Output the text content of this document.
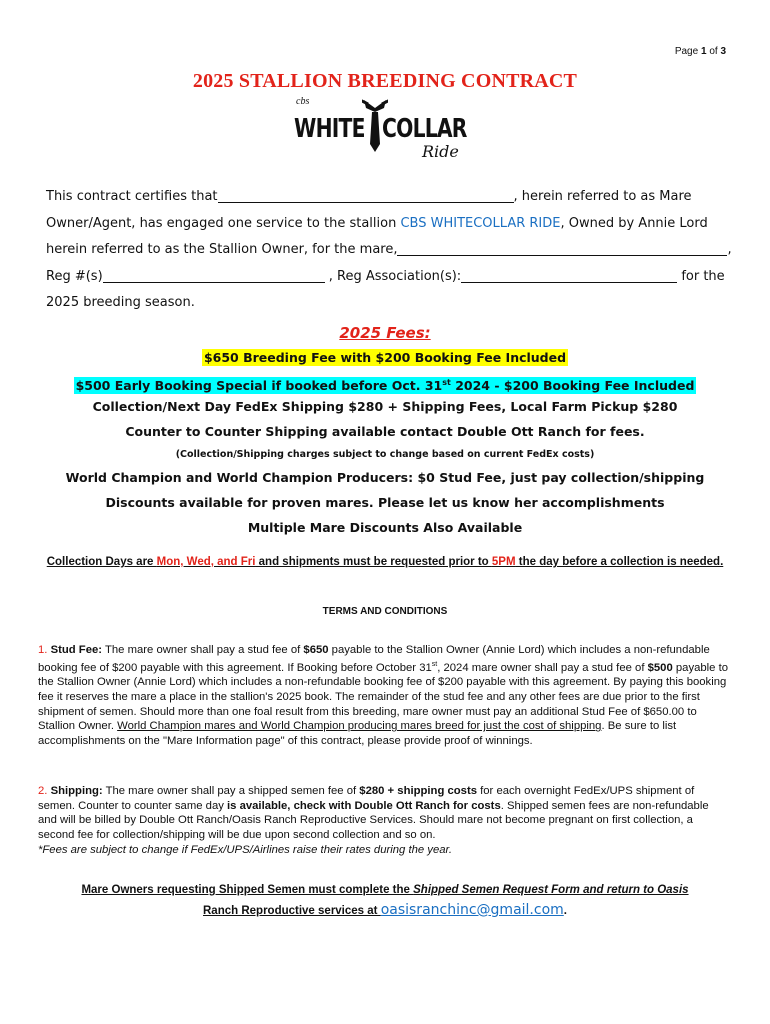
Page 1 of 3
2025 STALLION BREEDING CONTRACT
cbs
WHITE COLLAR
Ride
This contract certifies that	, herein referred to as Mare
Owner/Agent, has engaged one service to the stallion CBS WHITECOLLAR RIDE, Owned by Annie Lord
herein referred to as the Stallion Owner, for the mare,	,
Reg #(s)	, Reg Association(s):	for the
2025 breeding season.
2025 Fees:
$650 Breeding Fee with $200 Booking Fee Included
$500 Early Booking Special if booked before Oct. 31st 2024 - $200 Booking Fee Included
Collection/Next Day FedEx Shipping $280 + Shipping Fees, Local Farm Pickup $280
Counter to Counter Shipping available contact Double Ott Ranch for fees.
(Collection/Shipping charges subject to change based on current FedEx costs)
World Champion and World Champion Producers: $0 Stud Fee, just pay collection/shipping
Discounts available for proven mares. Please let us know her accomplishments
Multiple Mare Discounts Also Available
Collection Days are Mon, Wed, and Fri and shipments must be requested prior to 5PM the day before a collection is needed.
TERMS AND CONDITIONS
1. Stud Fee: The mare owner shall pay a stud fee of $650 payable to the Stallion Owner (Annie Lord) which includes a non-refundable booking fee of $200 payable with this agreement. If Booking before October 31st, 2024 mare owner shall pay a stud fee of $500 payable to the Stallion Owner (Annie Lord) which includes a non-refundable booking fee of $200 payable with this agreement. By paying this booking fee it reserves the mare a place in the stallion's 2025 book. The remainder of the stud fee and any other fees are due prior to the first shipment of semen. Should more than one foal result from this breeding, mare owner must pay an additional Stud Fee of $650.00 to Stallion Owner. World Champion mares and World Champion producing mares breed for just the cost of shipping. Be sure to list accomplishments on the "Mare Information page" of this contract, please provide proof of winnings.
2. Shipping: The mare owner shall pay a shipped semen fee of $280 + shipping costs for each overnight FedEx/UPS shipment of semen. Counter to counter same day is available, check with Double Ott Ranch for costs. Shipped semen fees are non-refundable and will be billed by Double Ott Ranch/Oasis Ranch Reproductive Services. Should mare not become pregnant on first collection, a second fee for collection/shipping will be due upon second collection and so on.
*Fees are subject to change if FedEx/UPS/Airlines raise their rates during the year.
Mare Owners requesting Shipped Semen must complete the Shipped Semen Request Form and return to Oasis
Ranch Reproductive services at oasisranchinc@gmail.com.
